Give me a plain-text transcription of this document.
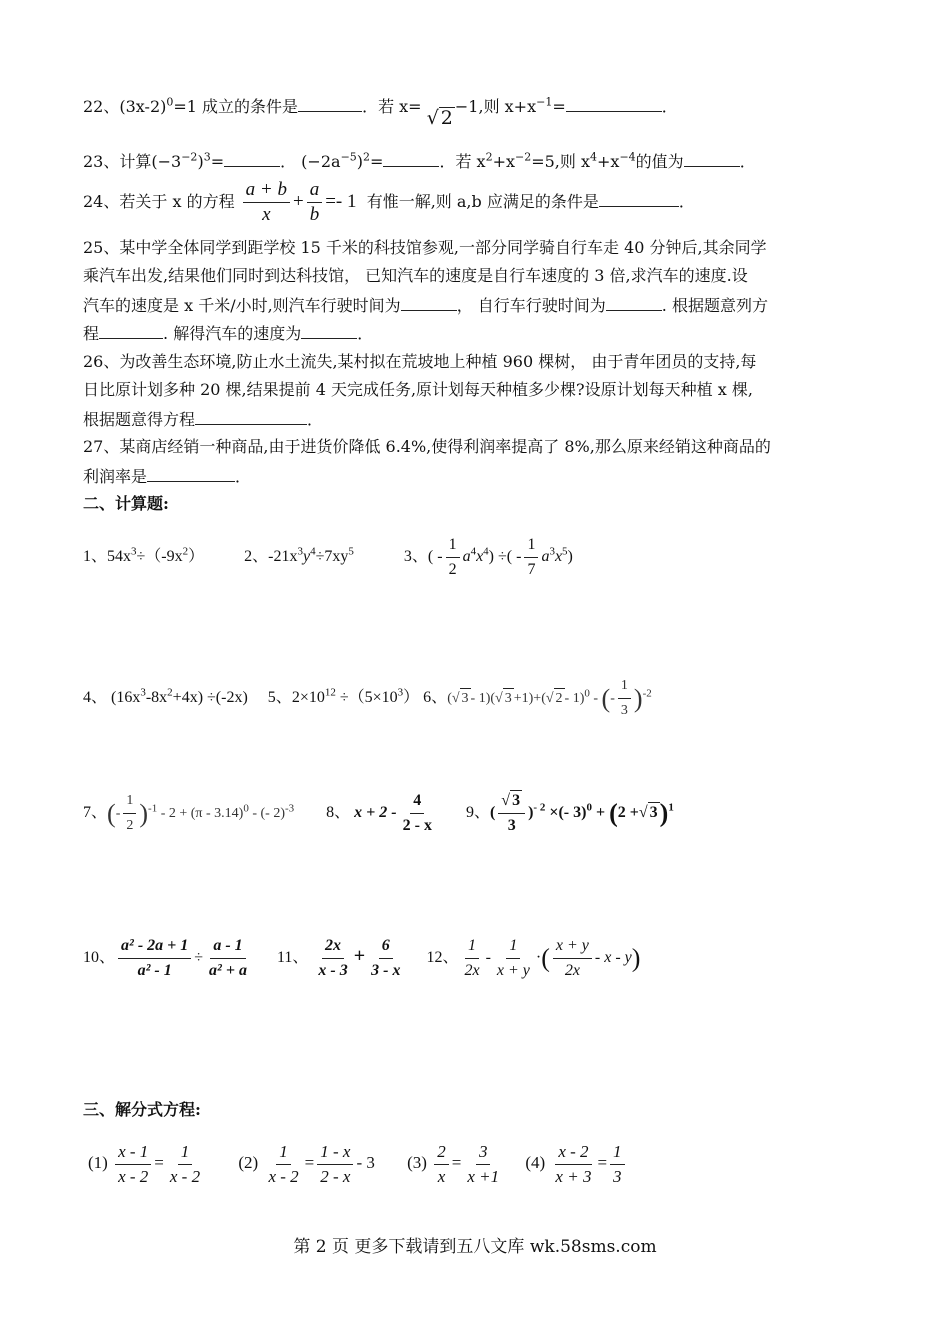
22、$(3x-2)^0=1$ 成立的条件是	．若 x= √ 2−1,则 $x+x^{-1}=$	．
23、计算$(-3^{-2})^3=$	． $(-2a^{-5})^2=$	．若 $x^2+x^{-2}=5$,则 $x^4+x^{-4}$的值为	．
24、若关于 x 的方程 $\frac{a + b}{x} + \frac{a}{b} =- 1$ 有惟一解,则 a,b 应满足的条件是	．
25、某中学全体同学到距学校 15 千米的科技馆参观,一部分同学骑自行车走 40 分钟后,其余同学
乘汽车出发,结果他们同时到达科技馆， 已知汽车的速度是自行车速度的 3 倍,求汽车的速度.设
汽车的速度是 x 千米/小时,则汽车行驶时间为	， 自行车行驶时间为	. 根据题意列方
程	. 解得汽车的速度为	．
26、为改善生态环境,防止水土流失,某村拟在荒坡地上种植 960 棵树， 由于青年团员的支持,每
日比原计划多种 20 棵,结果提前 4 天完成任务,原计划每天种植多少棵?设原计划每天种植 x 棵,
根据题意得方程	．
27、某商店经销一种商品,由于进货价降低 6.4%,使得利润率提高了 8%,那么原来经销这种商品的
利润率是	．
二、计算题:
1、$54x^3\div(-9x^2)$	2、$-21x^3y^4\div 7xy^5$	3、( - $\frac{1}{2} a^4x^4$) ÷( - $\frac{1}{7} a^3x^5$)
4、 $(16x^3-8x^2+4x) \div(-2x)$ 5、$2\times 10^{12} \div(5\times 10^3)$ 6、(√ 3 - 1)(√ 3 +1)+(√ 2 - 1)$^0$ - (- $\frac{1}{3} )^{-2}$
7、(- $\frac{1}{2} )^{-1} - 2 + (\pi - 3.14)^0$ - (- 2)$^{-3}$ 8、 $x + 2 - \frac{4}{2 - x} 9$、( $\frac{√ 3}{3} )^{- 2}$ ×(- 3)$^0$ + (2 +√ 3)$^1$
10、 $\frac{\text{a² - 2a + 1}}{\text{a² - 1}} \div \frac{a - 1}{\text{a² + a}} 11$、 $\frac{2x}{x - 3} + \frac{6}{3 - x} 12$、 $\frac{1}{2x} - \frac{1}{x + y}$ ·( $\frac{x + y}{2x}$ - x - y)
三、解分式方程:
$(1) \frac{x - 1}{x - 2} = \frac{1}{x - 2} (2) \frac{1}{x - 2} = \frac{1 - x}{2 - x} - 3$ $(3) \frac{2}{x} = \frac{3}{x +1} (4) \frac{x - 2}{x + 3} = \frac{1}{3}$
第 2 页 更多下载请到五八文库 wk.58sms.com
